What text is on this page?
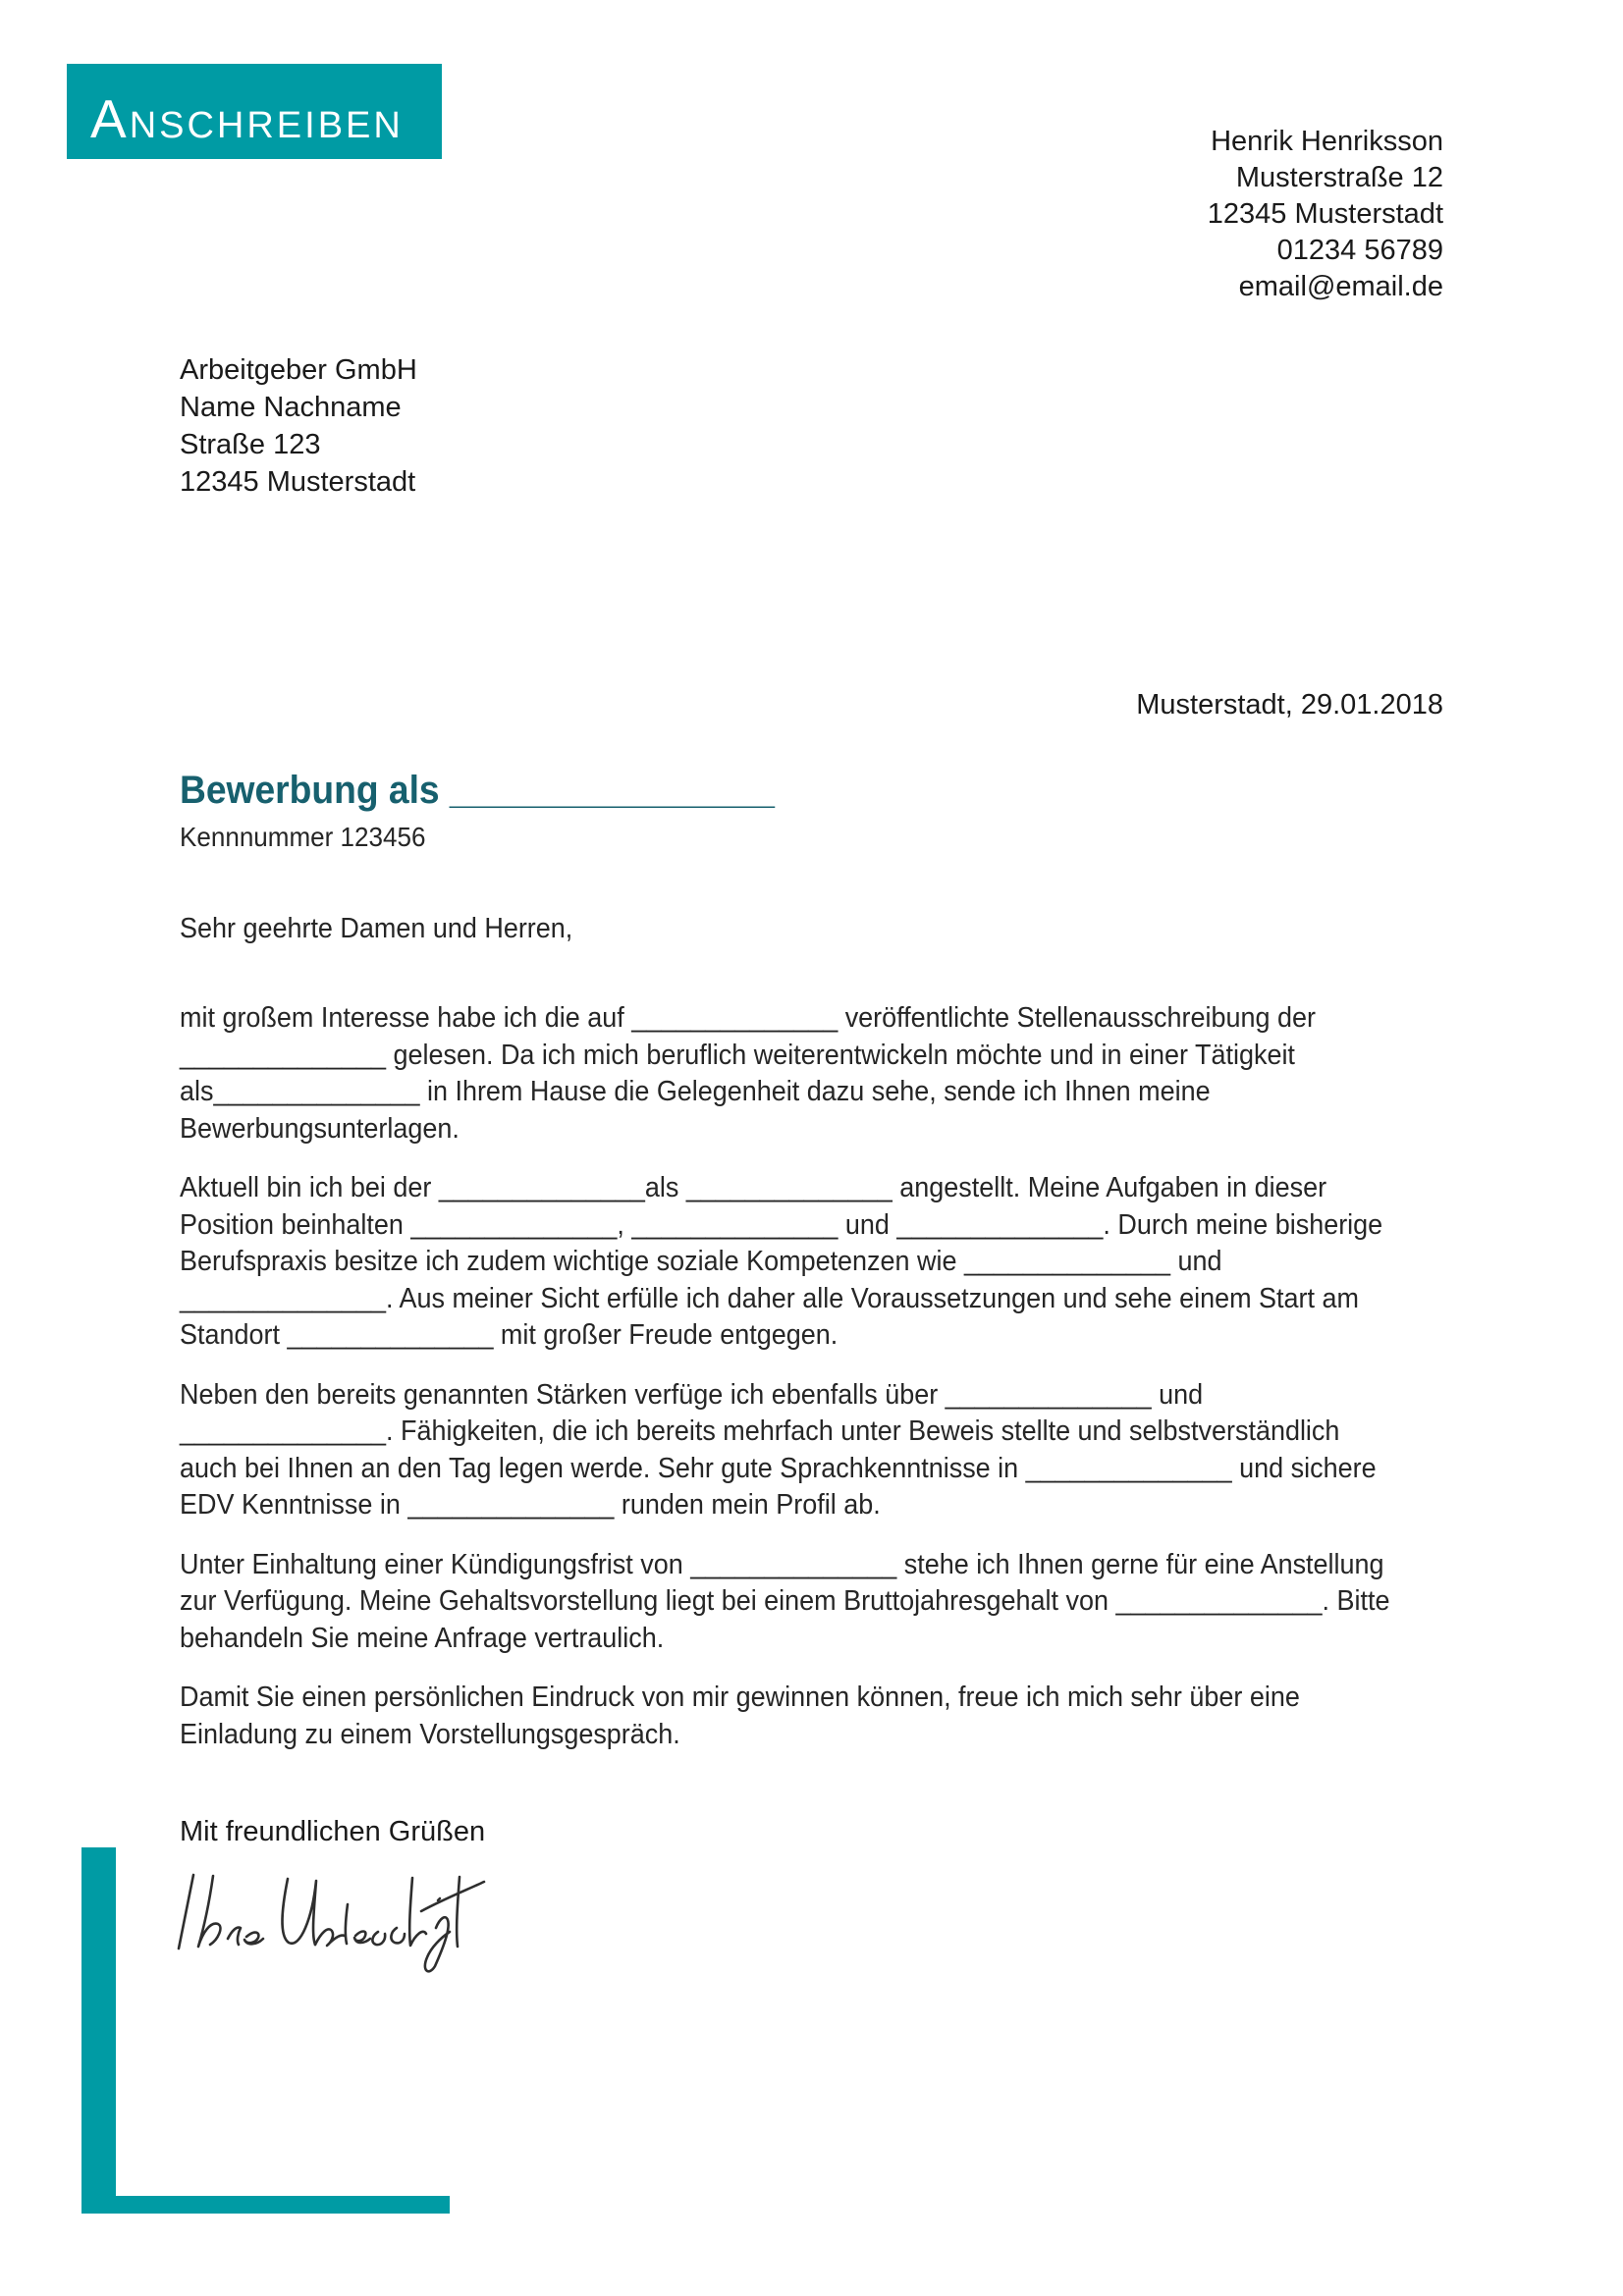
ANSCHREIBEN	Henrik Henriksson
Musterstraße 12
12345 Musterstadt
01234 56789
email@email.de
Arbeitgeber GmbH
Name Nachname
Straße 123
12345 Musterstadt
Musterstadt, 29.01.2018

Bewerbung als ________________

Kennnummer 123456

Sehr geehrte Damen und Herren,

mit großem Interesse habe ich die auf ______________ veröffentlichte Stellenausschreibung der ______________ gelesen. Da ich mich beruflich weiterentwickeln möchte und in einer Tätigkeit als______________ in Ihrem Hause die Gelegenheit dazu sehe, sende ich Ihnen meine Bewerbungsunterlagen.

Aktuell bin ich bei der ______________als ______________ angestellt. Meine Aufgaben in dieser Position beinhalten ______________, ______________ und ______________. Durch meine bisherige Berufspraxis besitze ich zudem wichtige soziale Kompetenzen wie ______________ und ______________. Aus meiner Sicht erfülle ich daher alle Voraussetzungen und sehe einem Start am Standort ______________ mit großer Freude entgegen.

Neben den bereits genannten Stärken verfüge ich ebenfalls über ______________ und ______________. Fähigkeiten, die ich bereits mehrfach unter Beweis stellte und selbstverständlich auch bei Ihnen an den Tag legen werde. Sehr gute Sprachkenntnisse in ______________ und sichere EDV Kenntnisse in ______________ runden mein Profil ab.

Unter Einhaltung einer Kündigungsfrist von ______________ stehe ich Ihnen gerne für eine Anstellung zur Verfügung. Meine Gehaltsvorstellung liegt bei einem Bruttojahresgehalt von ______________. Bitte behandeln Sie meine Anfrage vertraulich.

Damit Sie einen persönlichen Eindruck von mir gewinnen können, freue ich mich sehr über eine Einladung zu einem Vorstellungsgespräch.

Mit freundlichen Grüßen
